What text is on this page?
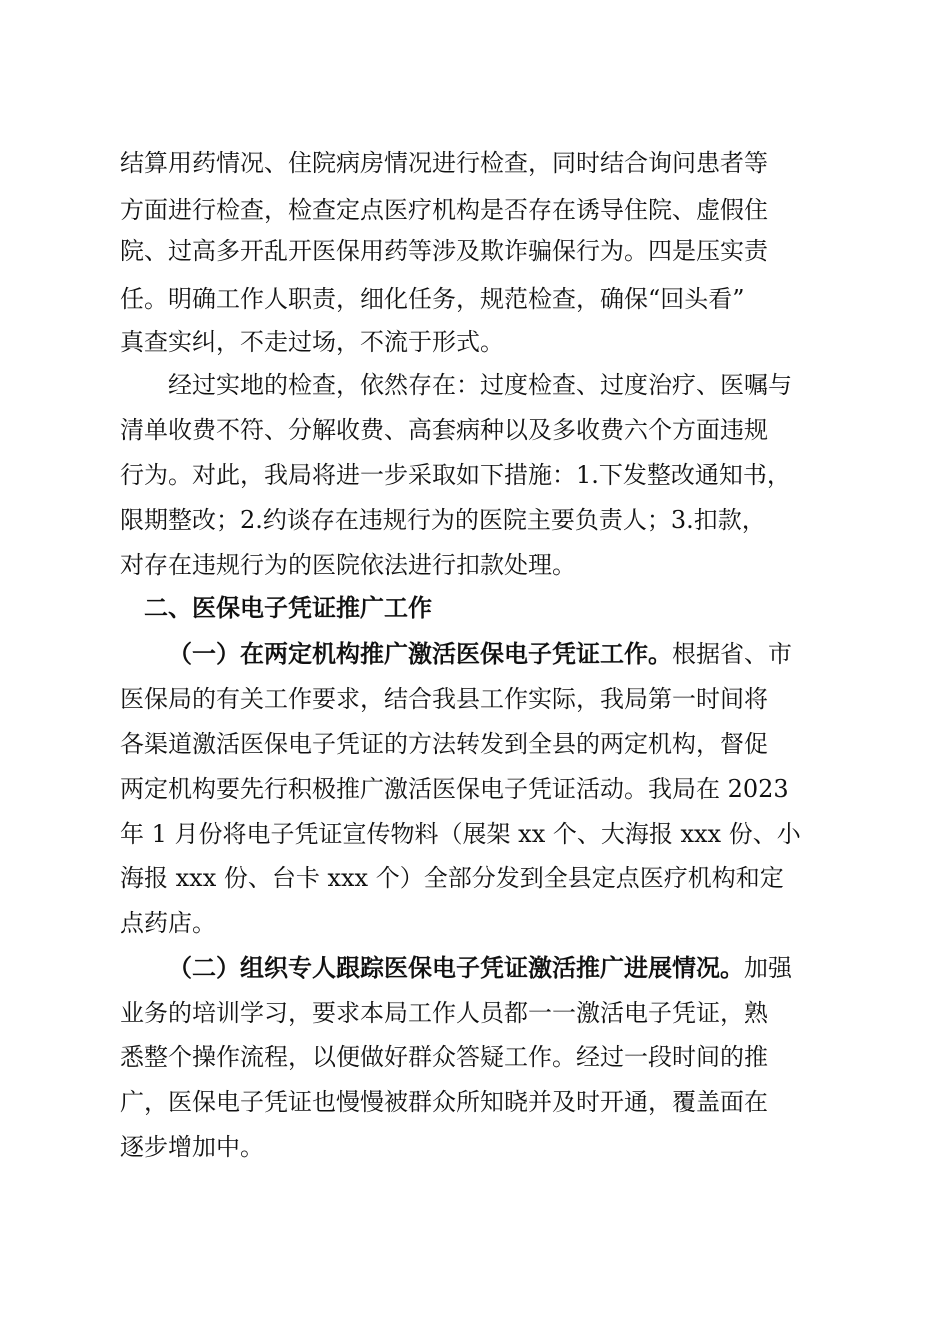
结算用药情况、住院病房情况进行检查，同时结合询问患者等
方面进行检查，检查定点医疗机构是否存在诱导住院、虚假住
院、过高多开乱开医保用药等涉及欺诈骗保行为。四是压实责
任。明确工作人职责，细化任务，规范检查，确保“回头看”
真查实纠，不走过场，不流于形式。
经过实地的检查，依然存在：过度检查、过度治疗、医嘱与
清单收费不符、分解收费、高套病种以及多收费六个方面违规
行为。对此，我局将进一步采取如下措施：1.下发整改通知书，
限期整改；2.约谈存在违规行为的医院主要负责人；3.扣款，
对存在违规行为的医院依法进行扣款处理。
二、医保电子凭证推广工作
（一）在两定机构推广激活医保电子凭证工作。根据省、市
医保局的有关工作要求，结合我县工作实际，我局第一时间将
各渠道激活医保电子凭证的方法转发到全县的两定机构，督促
两定机构要先行积极推广激活医保电子凭证活动。我局在 2023
年 1 月份将电子凭证宣传物料（展架 xx 个、大海报 xxx 份、小
海报 xxx 份、台卡 xxx 个）全部分发到全县定点医疗机构和定
点药店。
（二）组织专人跟踪医保电子凭证激活推广进展情况。加强
业务的培训学习，要求本局工作人员都一一激活电子凭证，熟
悉整个操作流程，以便做好群众答疑工作。经过一段时间的推
广，医保电子凭证也慢慢被群众所知晓并及时开通，覆盖面在
逐步增加中。
